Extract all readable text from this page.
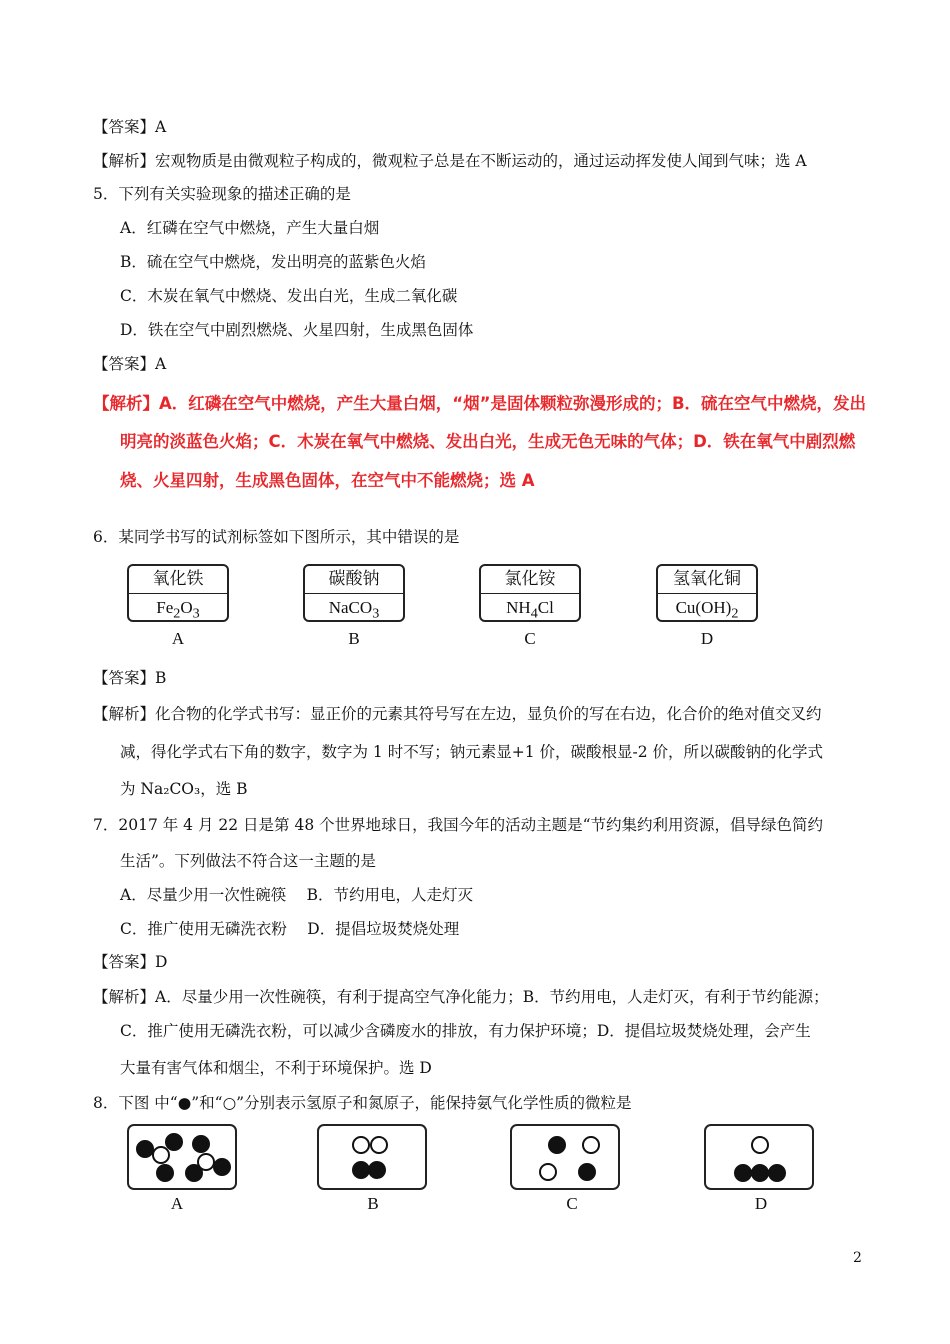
【答案】A
【解析】宏观物质是由微观粒子构成的，微观粒子总是在不断运动的，通过运动挥发使人闻到气味；选 A
5．下列有关实验现象的描述正确的是
A．红磷在空气中燃烧，产生大量白烟
B．硫在空气中燃烧，发出明亮的蓝紫色火焰
C．木炭在氧气中燃烧、发出白光，生成二氧化碳
D．铁在空气中剧烈燃烧、火星四射，生成黑色固体
【答案】A
【解析】A．红磷在空气中燃烧，产生大量白烟，“烟”是固体颗粒弥漫形成的；B．硫在空气中燃烧，发出
明亮的淡蓝色火焰；C．木炭在氧气中燃烧、发出白光，生成无色无味的气体；D．铁在氧气中剧烈燃
烧、火星四射，生成黑色固体，在空气中不能燃烧；选 A
6．某同学书写的试剂标签如下图所示，其中错误的是
氧化铁
$Fe_2O_3$
A
碳酸钠
NaCO$_3$
B
氯化铵
$NH_4Cl$
C
氢氧化铜
$Cu(OH)_2$
D
【答案】B
【解析】化合物的化学式书写：显正价的元素其符号写在左边，显负价的写在右边，化合价的绝对值交叉约
减，得化学式右下角的数字，数字为 1 时不写；钠元素显+1 价，碳酸根显-2 价，所以碳酸钠的化学式
为 Na₂CO₃，选 B
7．2017 年 4 月 22 日是第 48 个世界地球日，我国今年的活动主题是“节约集约利用资源，倡导绿色简约
生活”。下列做法不符合这一主题的是
A．尽量少用一次性碗筷　 B．节约用电，人走灯灭
C．推广使用无磷洗衣粉　 D．提倡垃圾焚烧处理
【答案】D
【解析】A．尽量少用一次性碗筷，有利于提高空气净化能力；B．节约用电，人走灯灭，有利于节约能源；
C．推广使用无磷洗衣粉，可以减少含磷废水的排放，有力保护环境；D．提倡垃圾焚烧处理，会产生
大量有害气体和烟尘，不利于环境保护。选 D
8．下图 中“●”和“○”分别表示氢原子和氮原子，能保持氨气化学性质的微粒是
A	B	C	D
2
